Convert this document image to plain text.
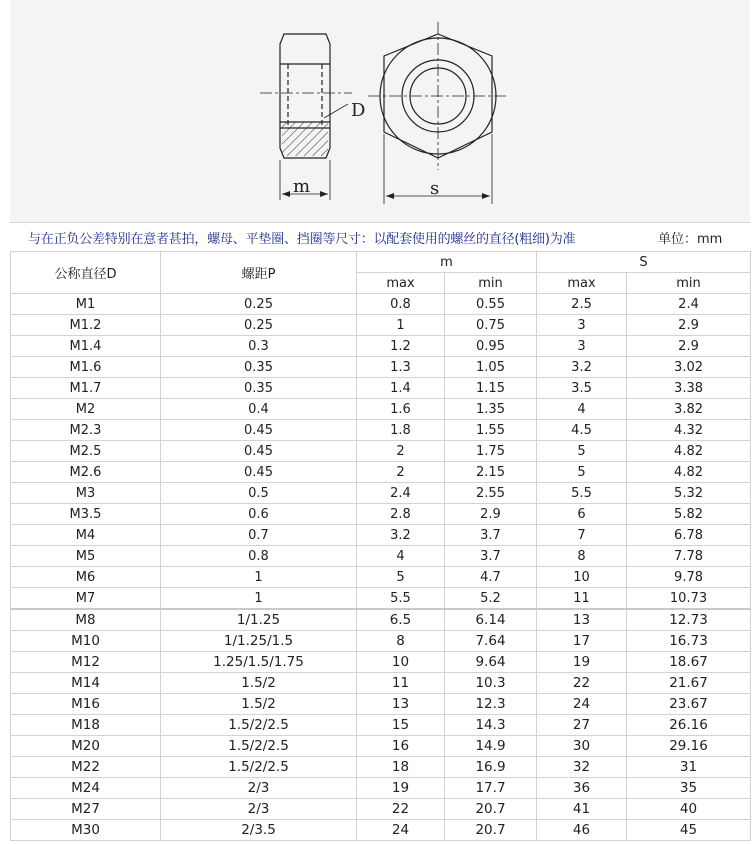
D
m	s
与在正负公差特别在意者甚拍，螺母、平垫圈、挡圈等尺寸：以配套使用的螺丝的直径(粗细)为准	单位：mm
公称直径D	螺距P	m		S	
		max	min	max	min
M1	0.25	0.8	0.55	2.5	2.4
M1.2	0.25	1	0.75	3	2.9
M1.4	0.3	1.2	0.95	3	2.9
M1.6	0.35	1.3	1.05	3.2	3.02
M1.7	0.35	1.4	1.15	3.5	3.38
M2	0.4	1.6	1.35	4	3.82
M2.3	0.45	1.8	1.55	4.5	4.32
M2.5	0.45	2	1.75	5	4.82
M2.6	0.45	2	2.15	5	4.82
M3	0.5	2.4	2.55	5.5	5.32
M3.5	0.6	2.8	2.9	6	5.82
M4	0.7	3.2	3.7	7	6.78
M5	0.8	4	3.7	8	7.78
M6	1	5	4.7	10	9.78
M7	1	5.5	5.2	11	10.73
M8	1/1.25	6.5	6.14	13	12.73
M10	1/1.25/1.5	8	7.64	17	16.73
M12	1.25/1.5/1.75	10	9.64	19	18.67
M14	1.5/2	11	10.3	22	21.67
M16	1.5/2	13	12.3	24	23.67
M18	1.5/2/2.5	15	14.3	27	26.16
M20	1.5/2/2.5	16	14.9	30	29.16
M22	1.5/2/2.5	18	16.9	32	31
M24	2/3	19	17.7	36	35
M27	2/3	22	20.7	41	40
M30	2/3.5	24	20.7	46	45
